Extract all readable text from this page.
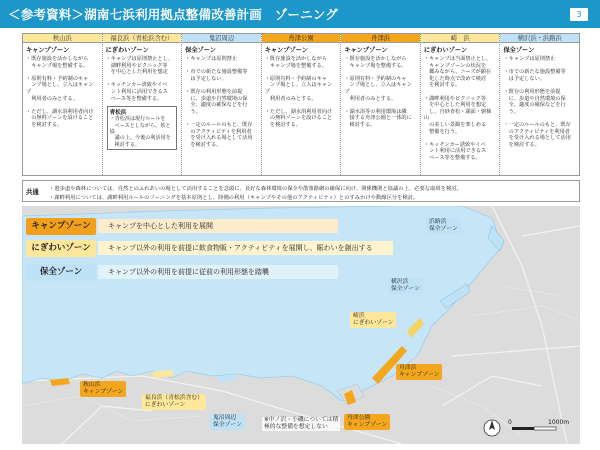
＜参考資料＞湖南七浜利用拠点整備改善計画　ゾーニング	3
秋山浜
キャンプゾーン
・既存施設を活かしながら
　キャンプ場を整備する。

・原則有料・予約制のキャ
　ンプ場とし、立入はキャンプ
　利用者のみとする。

・ただし、湖水浴利用者向け
　の無料ゾーンを設けること
　を検討する。
福良浜（青松浜含む）
にぎわいゾーン
・キャンプは原則禁止とし、
　湖畔利用やピクニック等
　を中心とした利用を想定

・キッチンカー誘致やイベ
　ント利用に活用できるス
　ペース等を整備する。
青松浜
・青松浜は現行ルールを
　ベースとしながら、県と協
　議の上、今後の利活用を
　検討する。
鬼沼周辺
保全ゾーン
・キャンプは原則禁止

・市での新たな施設整備等
　は予定しない。

・既存の利用形態を前提
　に、歩道や自然環境の保
　全、適度の確保などを行
　う。

・一定のルールのもと、既存
　のアクティビティを利用者
　を受け入れる場として活用
　を検討する。
舟津公園
キャンプゾーン
・既存施設を活かしながら
　キャンプ場を整備する。

・原則有料・予約制のキャ
　ンプ場とし、立入はキャンプ
　利用者のみとする。

・ただし、湖水浴利用者向け
　の無料ゾーンを設けること
　を検討する。
舟津浜
キャンプゾーン
・既存施設を活かしながら
　キャンプ場を整備する。

・原則有料・予約制のキャ
　ンプ場とし、立入はキャンプ
　利用者のみとする。

・湖水浴等の利用環境は隣
　接する舟津公園と一体的に
　検討する。
崎　浜
にぎわいゾーン
・キャンプは当面禁止とし、
　キャンプゾーンの状況を
　鑑みながら、ニーズが顕在
　化した時点で改めて検討
　を検討する。

・湖畔利用やピクニック等
　を中心とした利用を想定
　し、自砂青松・湖面・磐梯山
　の美しい景観を楽しめる
　整備を行う。

・キッチンカー誘致やイベ
　ント利用に活用できるス
　ペース等を整備する。
横沢浜・浜路浜
保全ゾーン
・キャンプは原則禁止

・市での新たな施設整備等
　は予定しない。

・既存の利用形態を前提
　に、歩道や自然環境の保
　全、適度の確保などを行
　う。

・一定のルールのもと、既存
　のアクティビティを利用者
　を受け入れる場として活用
　を検討する。
共通 ・遊歩道や森林については、自然とのふれあいの場として活用することを念頭に、良好な森林環境の保全や散策路網の確保に向け、関係機関と協議の上、必要な取組を検討。
・湖畔利用については、湖畔利用ルールのゾーニングを基本原則とし、陸側の利用（キャンプやその他のアクティビティ）とのすみわけや動線区分を検討。
キャンプゾーン	キャンプを中心とした利用を展開
にぎわいゾーン	キャンプ以外の利用を前提に飲食物販・アクティビティを展開し、賑わいを創出する
保全ゾーン	キャンプ以外の利用を前提に従前の利用形態を踏襲
浜路浜
保全ゾーン
横沢浜
保全ゾーン
崎浜
にぎわいゾーン
舟津浜
キャンプゾーン
舟津公園
キャンプゾーン
秋山浜
キャンプゾーン
福良浜（青松浜含む）
にぎわいゾーン
鬼沼周辺
保全ゾーン
※中ノ沢・小磯については積
極的な整備を想定しない
0	1000m
